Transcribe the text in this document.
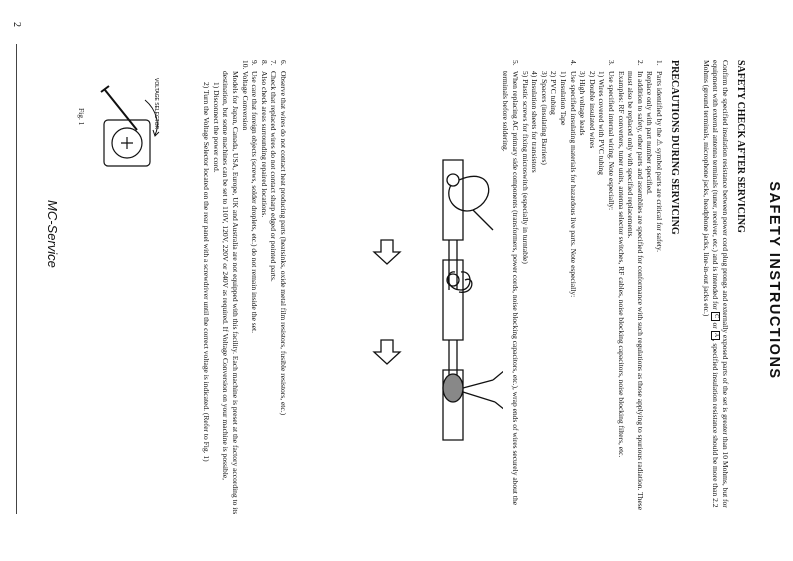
SAFETY INSTRUCTIONS
SAFETY CHECK AFTER SERVICING
Confirm the specified insulation resistance between power cord plug prongs and externally exposed parts of the set is greater than 10 Mohms, but for equipment with external antenna terminals (tuner, receiver, etc.) and is intended for C or A, specified insulation resistance should be more than 2.2 Mohms (ground terminals, microphone jacks, headphone jacks, line-in-out jacks etc.)
PRECAUTIONS DURING SERVICING
1.
Parts identified by the ⚠ symbol parts are critical for safety.
Replace only with part number specified.
2.
In addition to safety, other parts and assemblies are specified for conformance with such regulations as those applying to spurious radiation. These must also be replaced only with specified replacements.
Examples: RF converters, tuner units, antenna selector switches, RF cables, noise blocking capacitors, noise blocking filters, etc.
3.
Use specified internal wiring. Note especially:
1) Wires covered with PVC tubing
2) Double insulated wires
3) High voltage leads
4.
Use specified insulating materials for hazardous live parts. Note especially:
1) Insulation Tape
2) PVC tubing
3) Spacers (insulating Barriers)
4) Insulation sheets for transistors
5) Plastic screws for fixing microswitch (especially in turntable)
5.
When replacing AC primary side components (transformers, power cords, noise blocking capacitors, etc.), wrap ends of wires securely about the terminals before soldering.
6.
Observe that wires do not contact heat producing parts (heatsinks, oxide metal film resistors, fusible resistors, etc.)
7.
Check that replaced wires do not contact sharp edged or pointed parts.
8.
Also check areas surrounding repaired locations.
9.
Use care that foreign objects (screws, solder droplets, etc.) do not remain inside the set.
10.
Voltage Conversion
Models for Japan, Canada, USA, Europe, UK and Australia are not equipped with this facility. Each machine is preset at the factory according to its destination, but some machines can be set to 110V, 120V, 220V or 240V as required. If Voltage Conversion on your machine is possible,
1) Disconnect the power cord.
2) Turn the Voltage Selector located on the rear panel with a screwdriver until the correct voltage is indicated. (Refer to Fig. 1)
VOLTAGE SELECTOR
Fig. 1
MC-Service
2
